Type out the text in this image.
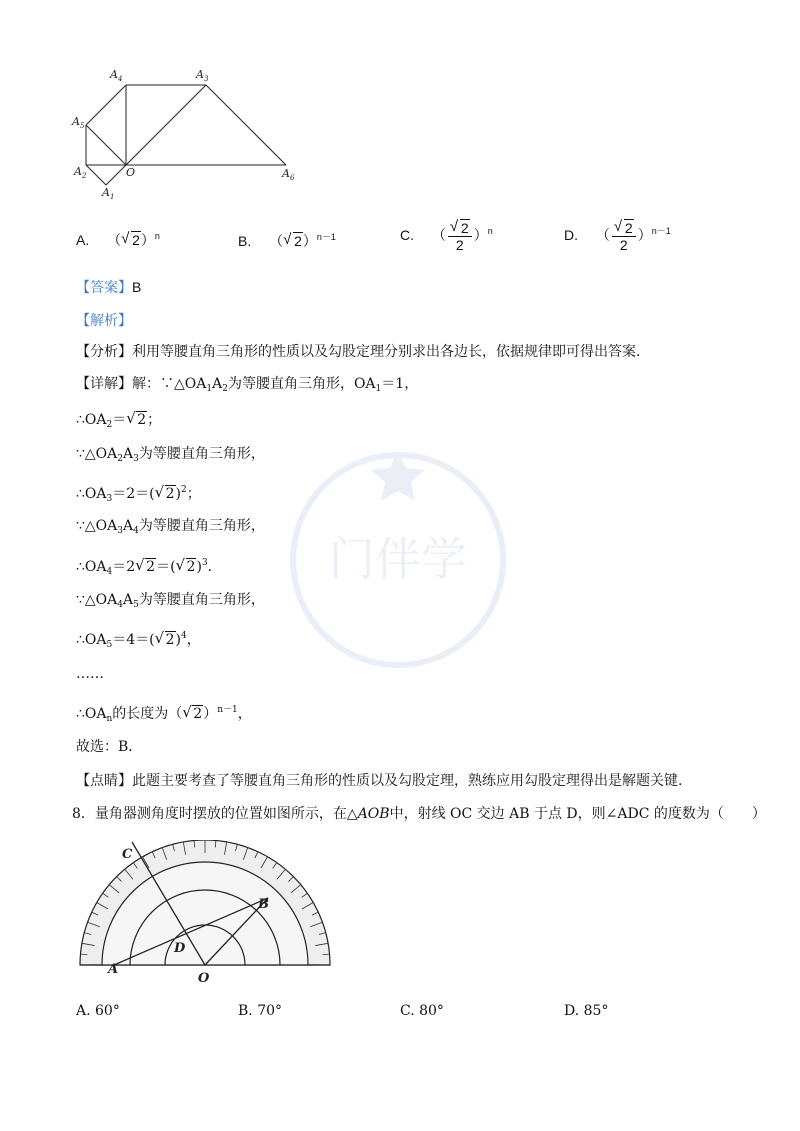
门伴学
$A_4$	$A_3$
$A_5$
$A_2$	O
$A_1$
$A_6$
A. （√ 2）$^n$	B. （√ 2）$^{n-1}$	C. （
√ $\frac{2}{2} )^n$	D. （
√ $\frac{2}{2} )^{n-1}$
【答案】B
【解析】
【分析】利用等腰直角三角形的性质以及勾股定理分别求出各边长，依据规律即可得出答案．
【详解】解：$\because\triangle OA_1A_2$为等腰直角三角形，$OA_1=1$，
$\therefore OA_2=√$ 2；
$\because\triangle OA_2A_3$为等腰直角三角形，
$\therefore OA_3=2=(√$ 2)$^2$；
$\because\triangle OA_3A_4$为等腰直角三角形，
$\therefore OA_4=2√$ 2＝(√ 2)$^3$．
$\because\triangle OA_4A_5$为等腰直角三角形，
$\therefore OA_5=4=(√$ 2)$^4$，
……
$\therefore OA_n$的长度为（√ 2）$^{n-1}$，
故选：B．
【点睛】此题主要考查了等腰直角三角形的性质以及勾股定理，熟练应用勾股定理得出是解题关键．
8．量角器测角度时摆放的位置如图所示，在△AOB中，射线 OC 交边 AB 于点 D，则∠ADC 的度数为（　　 ）
C
B
D
A
O
A. 60°	B. 70°	C. 80°	D. 85°
